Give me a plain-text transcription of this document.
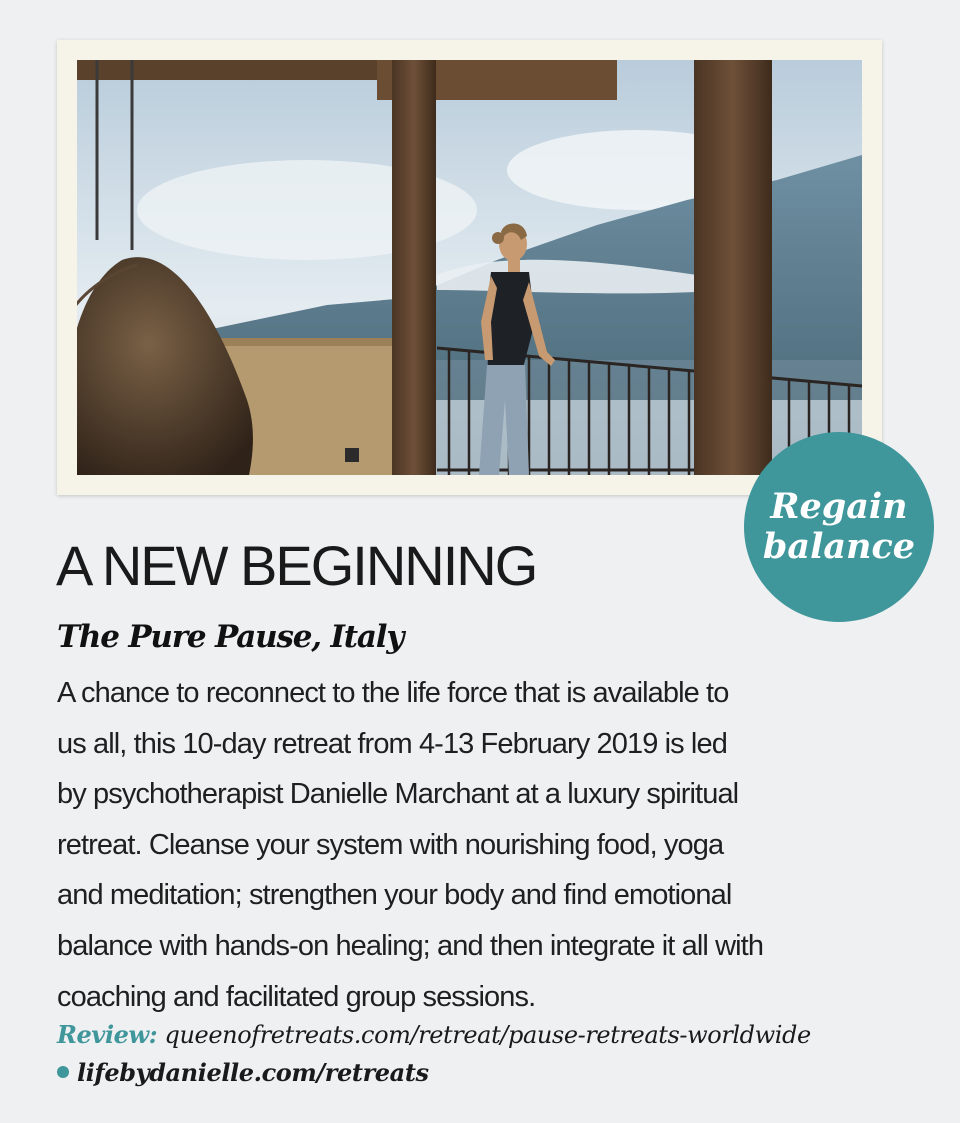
Regain
balance
A NEW BEGINNING
The Pure Pause, Italy
A chance to reconnect to the life force that is available to
us all, this 10-day retreat from 4-13 February 2019 is led
by psychotherapist Danielle Marchant at a luxury spiritual
retreat. Cleanse your system with nourishing food, yoga
and meditation; strengthen your body and find emotional
balance with hands-on healing; and then integrate it all with
coaching and facilitated group sessions.
Review: queenofretreats.com/retreat/pause-retreats-worldwide
lifebydanielle.com/retreats
